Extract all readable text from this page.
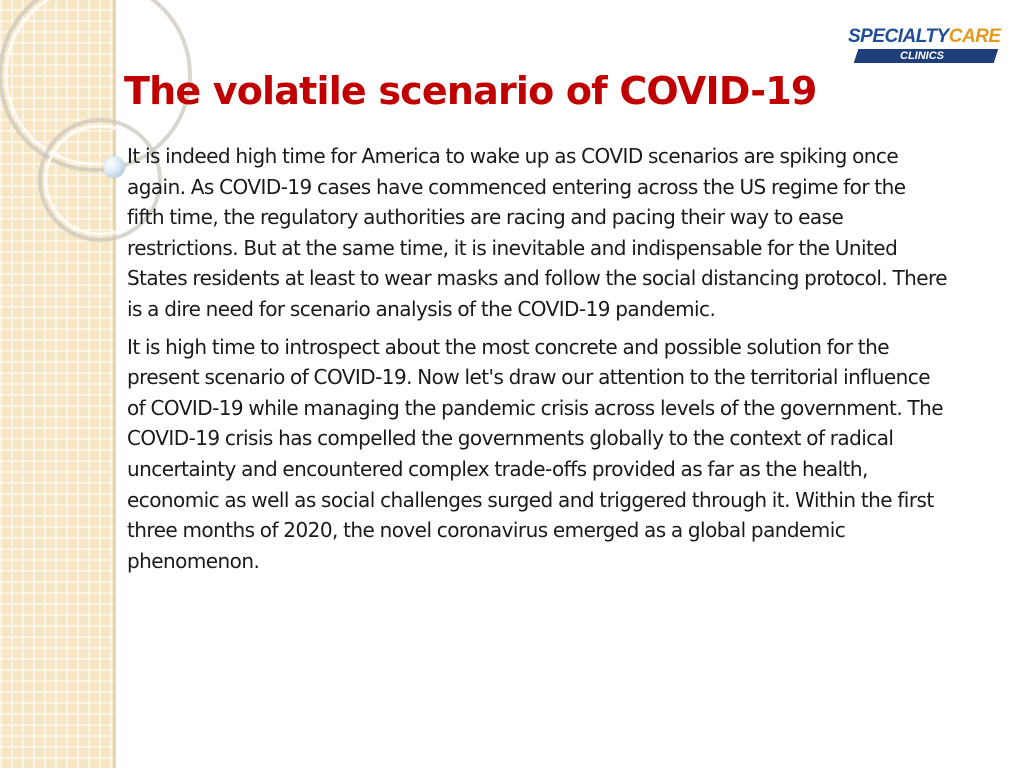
SPECIALTYCARE
CLINICS
The volatile scenario of COVID-19

It is indeed high time for America to wake up as COVID scenarios are spiking once again. As COVID-19 cases have commenced entering across the US regime for the fifth time, the regulatory authorities are racing and pacing their way to ease restrictions. But at the same time, it is inevitable and indispensable for the United States residents at least to wear masks and follow the social distancing protocol. There is a dire need for scenario analysis of the COVID-19 pandemic.

It is high time to introspect about the most concrete and possible solution for the present scenario of COVID-19. Now let's draw our attention to the territorial influence of COVID-19 while managing the pandemic crisis across levels of the government. The COVID-19 crisis has compelled the governments globally to the context of radical uncertainty and encountered complex trade-offs provided as far as the health, economic as well as social challenges surged and triggered through it. Within the first three months of 2020, the novel coronavirus emerged as a global pandemic phenomenon.
